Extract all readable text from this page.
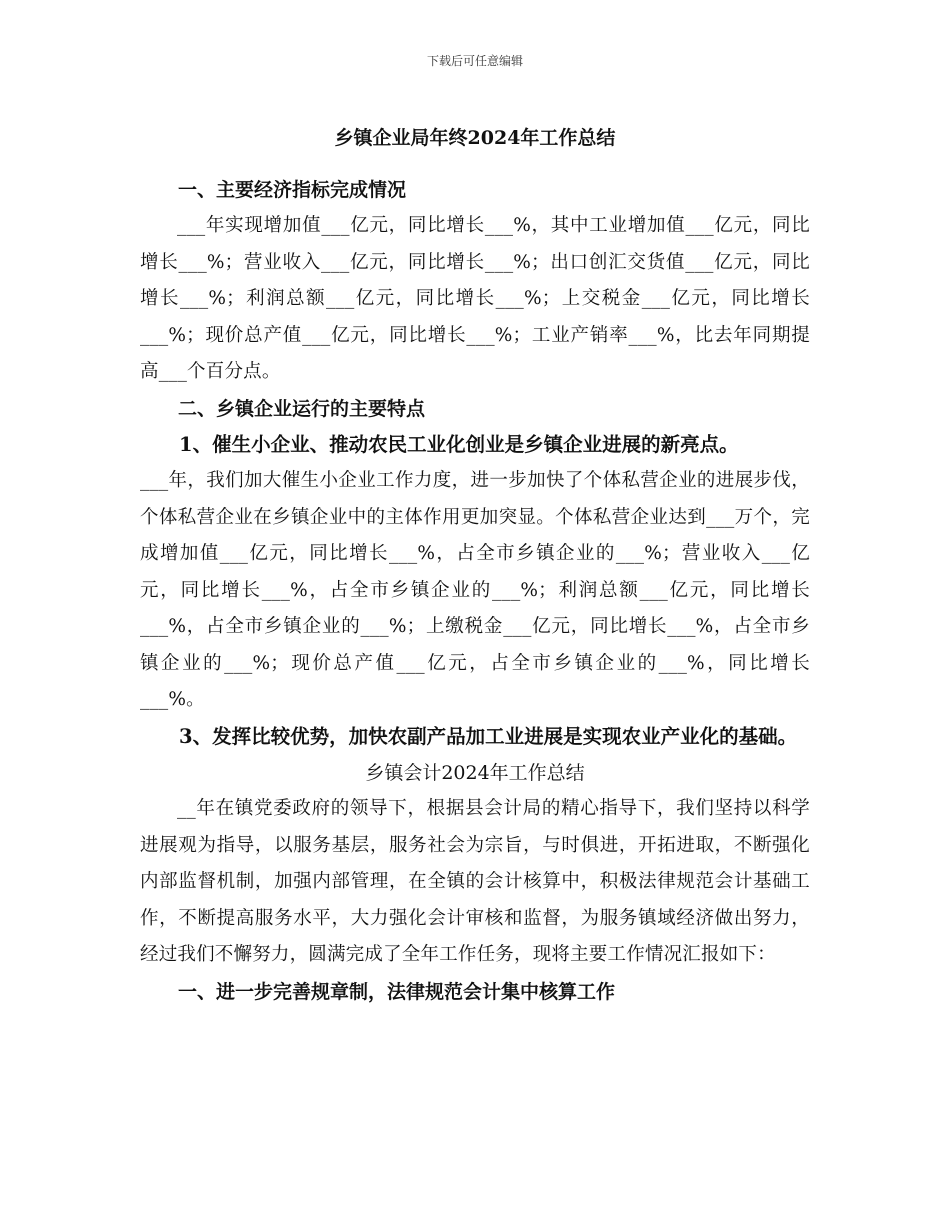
下载后可任意编辑

乡镇企业局年终2024年工作总结

一、主要经济指标完成情况

___年实现增加值___亿元，同比增长___%，其中工业增加值___亿元，同比增长___%；营业收入___亿元，同比增长___%；出口创汇交货值___亿元，同比增长___%；利润总额___亿元，同比增长___%；上交税金___亿元，同比增长___%；现价总产值___亿元，同比增长___%；工业产销率___%，比去年同期提高___个百分点。

二、乡镇企业运行的主要特点

1、催生小企业、推动农民工业化创业是乡镇企业进展的新亮点。

___年，我们加大催生小企业工作力度，进一步加快了个体私营企业的进展步伐，个体私营企业在乡镇企业中的主体作用更加突显。个体私营企业达到___万个，完成增加值___亿元，同比增长___%，占全市乡镇企业的___%；营业收入___亿元，同比增长___%，占全市乡镇企业的___%；利润总额___亿元，同比增长___%，占全市乡镇企业的___%；上缴税金___亿元，同比增长___%，占全市乡镇企业的___%；现价总产值___亿元，占全市乡镇企业的___%，同比增长___%。

3、发挥比较优势，加快农副产品加工业进展是实现农业产业化的基础。

乡镇会计2024年工作总结

__年在镇党委政府的领导下，根据县会计局的精心指导下，我们坚持以科学进展观为指导，以服务基层，服务社会为宗旨，与时俱进，开拓进取，不断强化内部监督机制，加强内部管理，在全镇的会计核算中，积极法律规范会计基础工作，不断提高服务水平，大力强化会计审核和监督，为服务镇域经济做出努力，经过我们不懈努力，圆满完成了全年工作任务，现将主要工作情况汇报如下：

一、进一步完善规章制，法律规范会计集中核算工作
